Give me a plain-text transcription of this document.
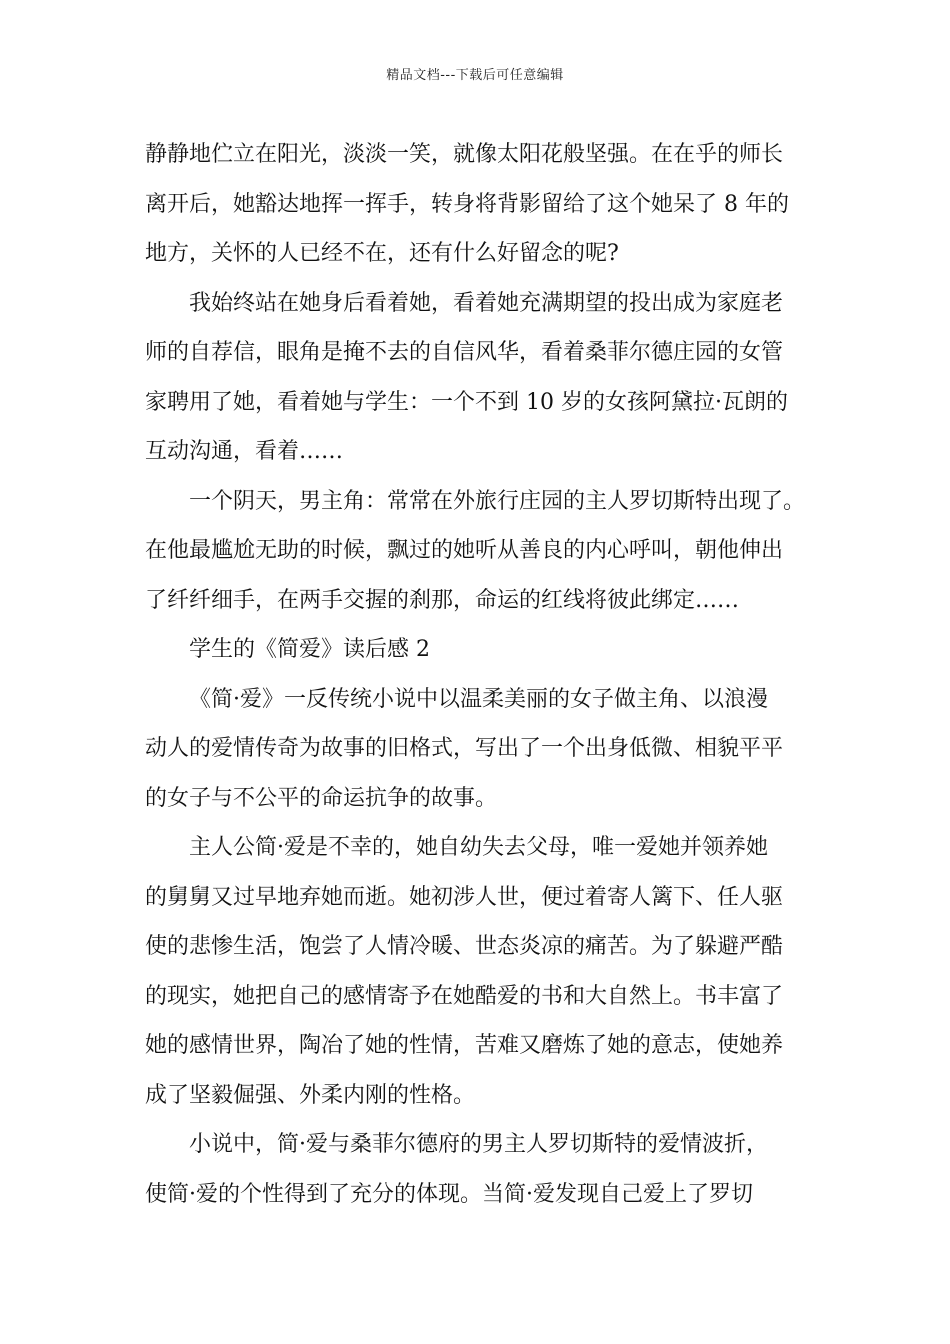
精品文档---下载后可任意编辑
静静地伫立在阳光，淡淡一笑，就像太阳花般坚强。在在乎的师长
离开后，她豁达地挥一挥手，转身将背影留给了这个她呆了 8 年的
地方，关怀的人已经不在，还有什么好留念的呢?
我始终站在她身后看着她，看着她充满期望的投出成为家庭老
师的自荐信，眼角是掩不去的自信风华，看着桑菲尔德庄园的女管
家聘用了她，看着她与学生：一个不到 10 岁的女孩阿黛拉·瓦朗的
互动沟通，看着……
一个阴天，男主角：常常在外旅行庄园的主人罗切斯特出现了。
在他最尴尬无助的时候，飘过的她听从善良的内心呼叫，朝他伸出
了纤纤细手，在两手交握的刹那，命运的红线将彼此绑定……
学生的《简爱》读后感 2
《简·爱》一反传统小说中以温柔美丽的女子做主角、以浪漫
动人的爱情传奇为故事的旧格式，写出了一个出身低微、相貌平平
的女子与不公平的命运抗争的故事。
主人公简·爱是不幸的，她自幼失去父母，唯一爱她并领养她
的舅舅又过早地弃她而逝。她初涉人世，便过着寄人篱下、任人驱
使的悲惨生活，饱尝了人情冷暖、世态炎凉的痛苦。为了躲避严酷
的现实，她把自己的感情寄予在她酷爱的书和大自然上。书丰富了
她的感情世界，陶冶了她的性情，苦难又磨炼了她的意志，使她养
成了坚毅倔强、外柔内刚的性格。
小说中，简·爱与桑菲尔德府的男主人罗切斯特的爱情波折，
使简·爱的个性得到了充分的体现。当简·爱发现自己爱上了罗切
